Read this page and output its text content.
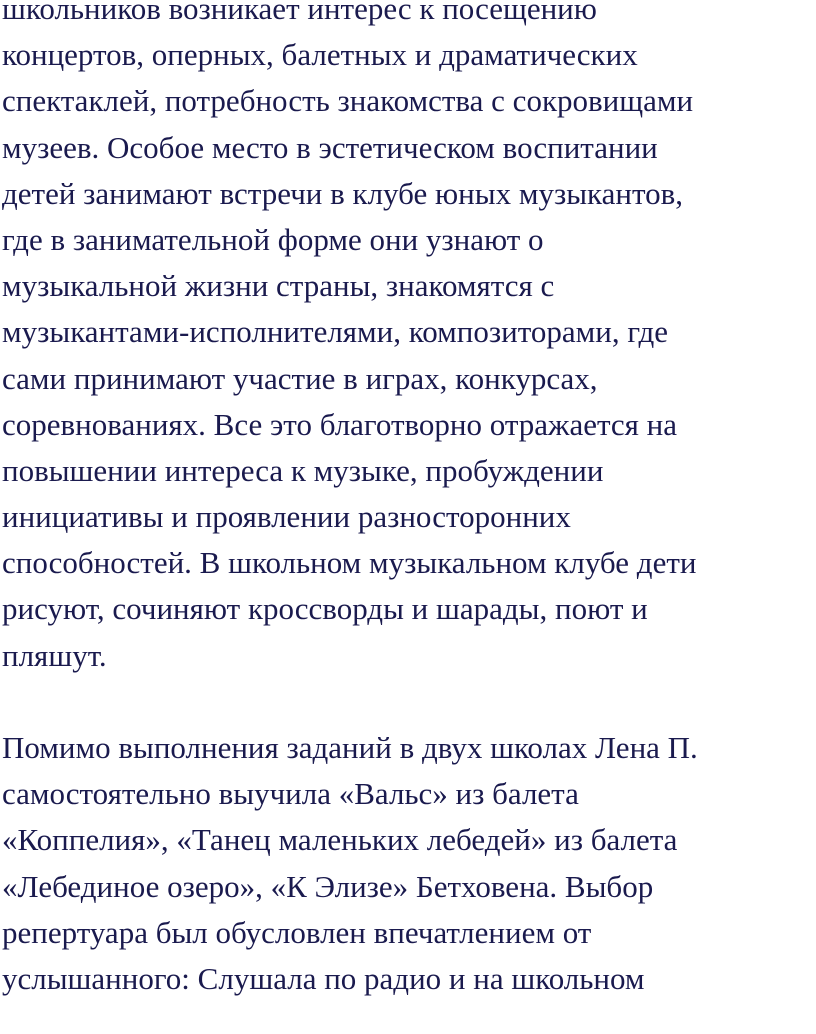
школьников возникает интерес к посещению
концертов, оперных, балетных и драматических
спектаклей, потребность знакомства с сокровищами
музеев. Особое место в эстетическом воспитании
детей занимают встречи в клубе юных музыкантов,
где в занимательной форме они узнают о
музыкальной жизни страны, знакомятся с
музыкантами-исполнителями, композиторами, где
сами принимают участие в играх, конкурсах,
соревнованиях. Все это благотворно отражается на
повышении интереса к музыке, пробуждении
инициативы и проявлении разносторонних
способностей. В школьном музыкальном клубе дети
рисуют, сочиняют кроссворды и шарады, поют и
пляшут.
Помимо выполнения заданий в двух школах Лена П.
самостоятельно выучила «Вальс» из балета
«Коппелия», «Танец маленьких лебедей» из балета
«Лебединое озеро», «К Элизе» Бетховена. Выбор
репертуара был обусловлен впечатлением от
услышанного: Слушала по радио и на школьном
